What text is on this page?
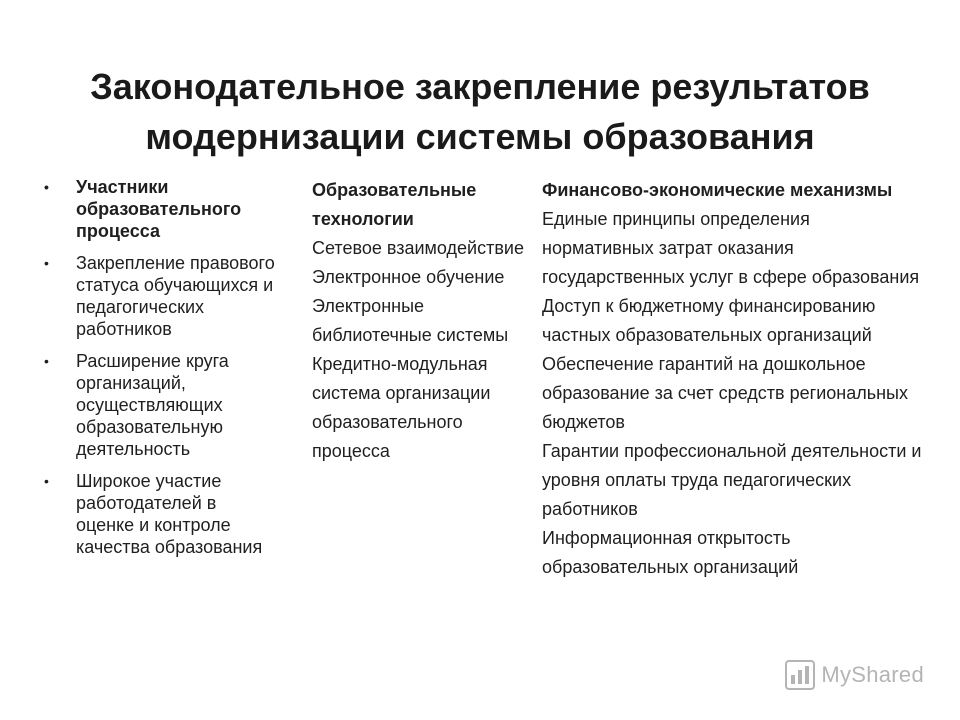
Законодательное закрепление результатов
модернизации системы образования
• Участники образовательного процесса
• Закрепление правового статуса обучающихся и педагогических работников
• Расширение круга организаций, осуществляющих образовательную деятельность
• Широкое участие работодателей в оценке и контроле качества образования
Образовательные технологии
Сетевое взаимодействие
Электронное обучение
Электронные библиотечные системы
Кредитно-модульная система организации образовательного процесса
Финансово-экономические механизмы
Единые принципы определения нормативных затрат оказания государственных услуг в сфере образования
Доступ к бюджетному финансированию частных образовательных организаций
Обеспечение гарантий на дошкольное образование за счет средств региональных бюджетов
Гарантии профессиональной деятельности и уровня оплаты труда педагогических работников
Информационная открытость образовательных организаций
MyShared
